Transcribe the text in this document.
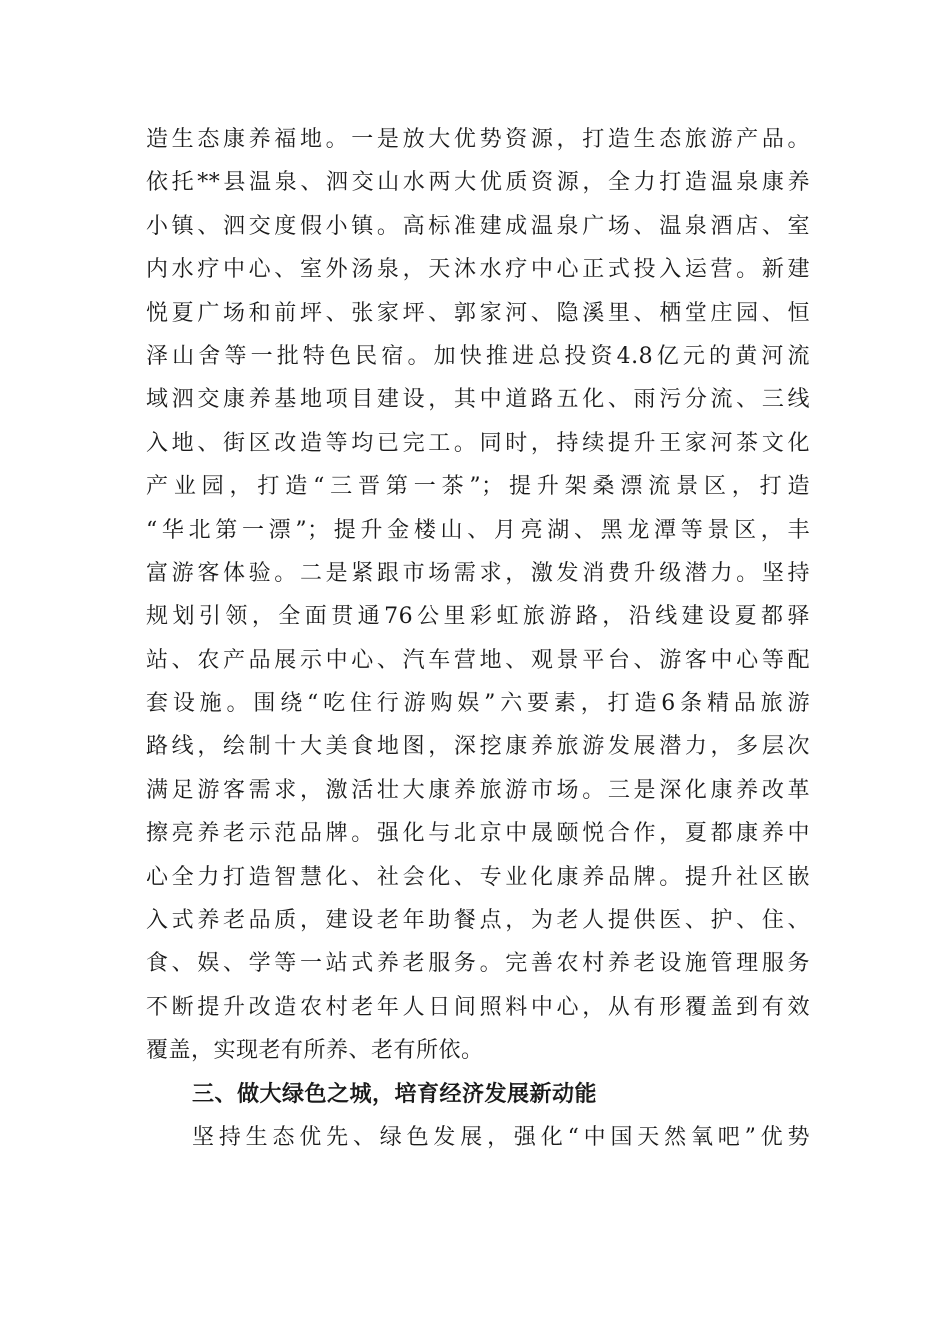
造生态康养福地。一是放大优势资源，打造生态旅游产品。
依托**县温泉、泗交山水两大优质资源，全力打造温泉康养
小镇、泗交度假小镇。高标准建成温泉广场、温泉酒店、室
内水疗中心、室外汤泉，天沐水疗中心正式投入运营。新建
悦夏广场和前坪、张家坪、郭家河、隐溪里、栖堂庄园、恒
泽山舍等一批特色民宿。加快推进总投资4.8亿元的黄河流
域泗交康养基地项目建设，其中道路五化、雨污分流、三线
入地、街区改造等均已完工。同时，持续提升王家河茶文化
产业园，打造“三晋第一茶”；提升架桑漂流景区，打造
“华北第一漂”；提升金楼山、月亮湖、黑龙潭等景区，丰
富游客体验。二是紧跟市场需求，激发消费升级潜力。坚持
规划引领，全面贯通76公里彩虹旅游路，沿线建设夏都驿
站、农产品展示中心、汽车营地、观景平台、游客中心等配
套设施。围绕“吃住行游购娱”六要素，打造6条精品旅游
路线，绘制十大美食地图，深挖康养旅游发展潜力，多层次
满足游客需求，激活壮大康养旅游市场。三是深化康养改革
擦亮养老示范品牌。强化与北京中晟颐悦合作，夏都康养中
心全力打造智慧化、社会化、专业化康养品牌。提升社区嵌
入式养老品质，建设老年助餐点，为老人提供医、护、住、
食、娱、学等一站式养老服务。完善农村养老设施管理服务
不断提升改造农村老年人日间照料中心，从有形覆盖到有效
覆盖，实现老有所养、老有所依。
三、做大绿色之城，培育经济发展新动能
坚持生态优先、绿色发展，强化“中国天然氧吧”优势
